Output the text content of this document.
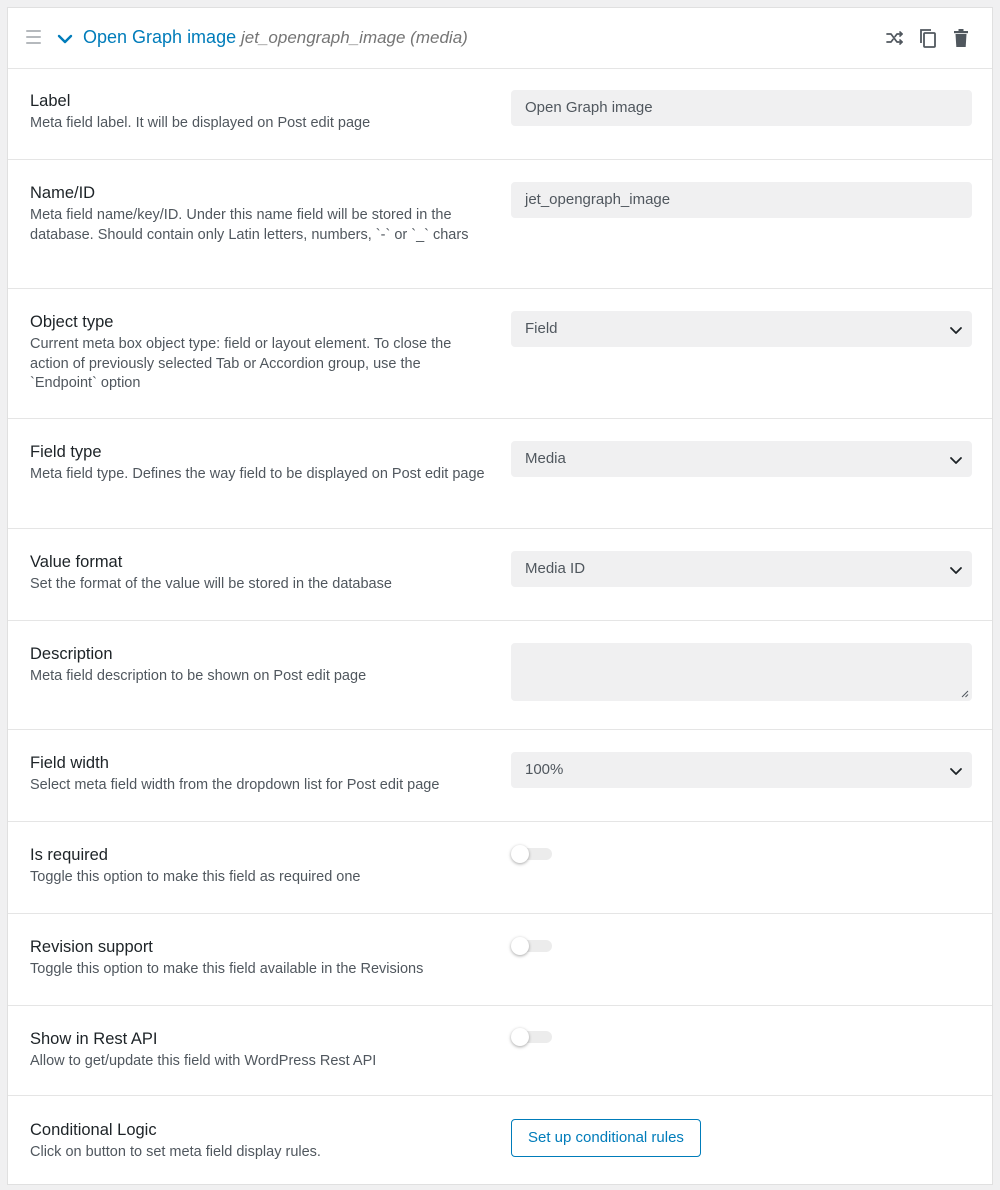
Open Graph image jet_opengraph_image (media)
Label
Meta field label. It will be displayed on Post edit page
Open Graph image
Name/ID
Meta field name/key/ID. Under this name field will be stored in the database. Should contain only Latin letters, numbers, `-` or `_` chars
jet_opengraph_image
Object type
Current meta box object type: field or layout element. To close the action of previously selected Tab or Accordion group, use the `Endpoint` option
Field
Field type
Meta field type. Defines the way field to be displayed on Post edit page
Media
Value format
Set the format of the value will be stored in the database
Media ID
Description
Meta field description to be shown on Post edit page
Field width
Select meta field width from the dropdown list for Post edit page
100%
Is required
Toggle this option to make this field as required one
Revision support
Toggle this option to make this field available in the Revisions
Show in Rest API
Allow to get/update this field with WordPress Rest API
Conditional Logic
Click on button to set meta field display rules.
Set up conditional rules
